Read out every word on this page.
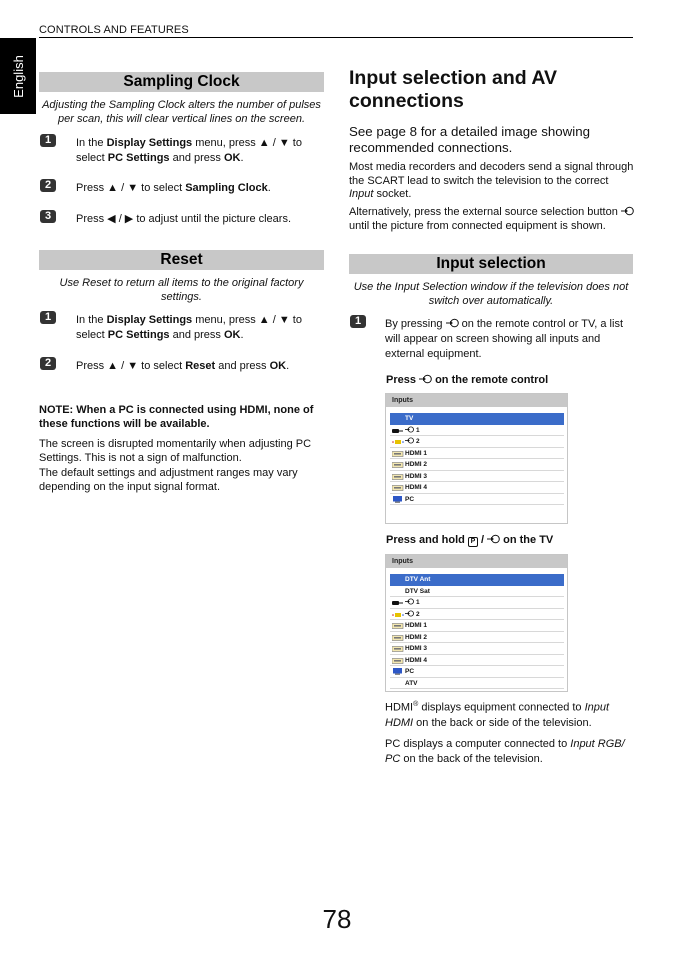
CONTROLS AND FEATURES
English	Sampling Clock
Adjusting the Sampling Clock alters the number of pulses per scan, this will clear vertical lines on the screen.
1	In the Display Settings menu, press ▲ / ▼ to select PC Settings and press OK.
2	Press ▲ / ▼ to select Sampling Clock.
3	Press ◀ / ▶ to adjust until the picture clears.
Reset
Use Reset to return all items to the original factory settings.
1	In the Display Settings menu, press ▲ / ▼ to select PC Settings and press OK.
2	Press ▲ / ▼ to select Reset and press OK.
NOTE: When a PC is connected using HDMI, none of these functions will be available.
The screen is disrupted momentarily when adjusting PC Settings. This is not a sign of malfunction.
The default settings and adjustment ranges may vary depending on the input signal format.
Input selection and AV connections
See page 8 for a detailed image showing recommended connections.
Most media recorders and decoders send a signal through the SCART lead to switch the television to the correct Input socket.
Alternatively, press the external source selection button  until the picture from connected equipment is shown.
Input selection
Use the Input Selection window if the television does not switch over automatically.
1	By pressing  on the remote control or TV, a list will appear on screen showing all inputs and external equipment.
Press  on the remote control
Inputs
TV
1
2
HDMI 1
HDMI 2
HDMI 3
HDMI 4
PC
Press and hold P /  on the TV
Inputs
DTV Ant
DTV Sat
1
2
HDMI 1
HDMI 2
HDMI 3
HDMI 4
PC
ATV
HDMI® displays equipment connected to Input HDMI on the back or side of the television.
PC displays a computer connected to Input RGB/ PC on the back of the television.
78
